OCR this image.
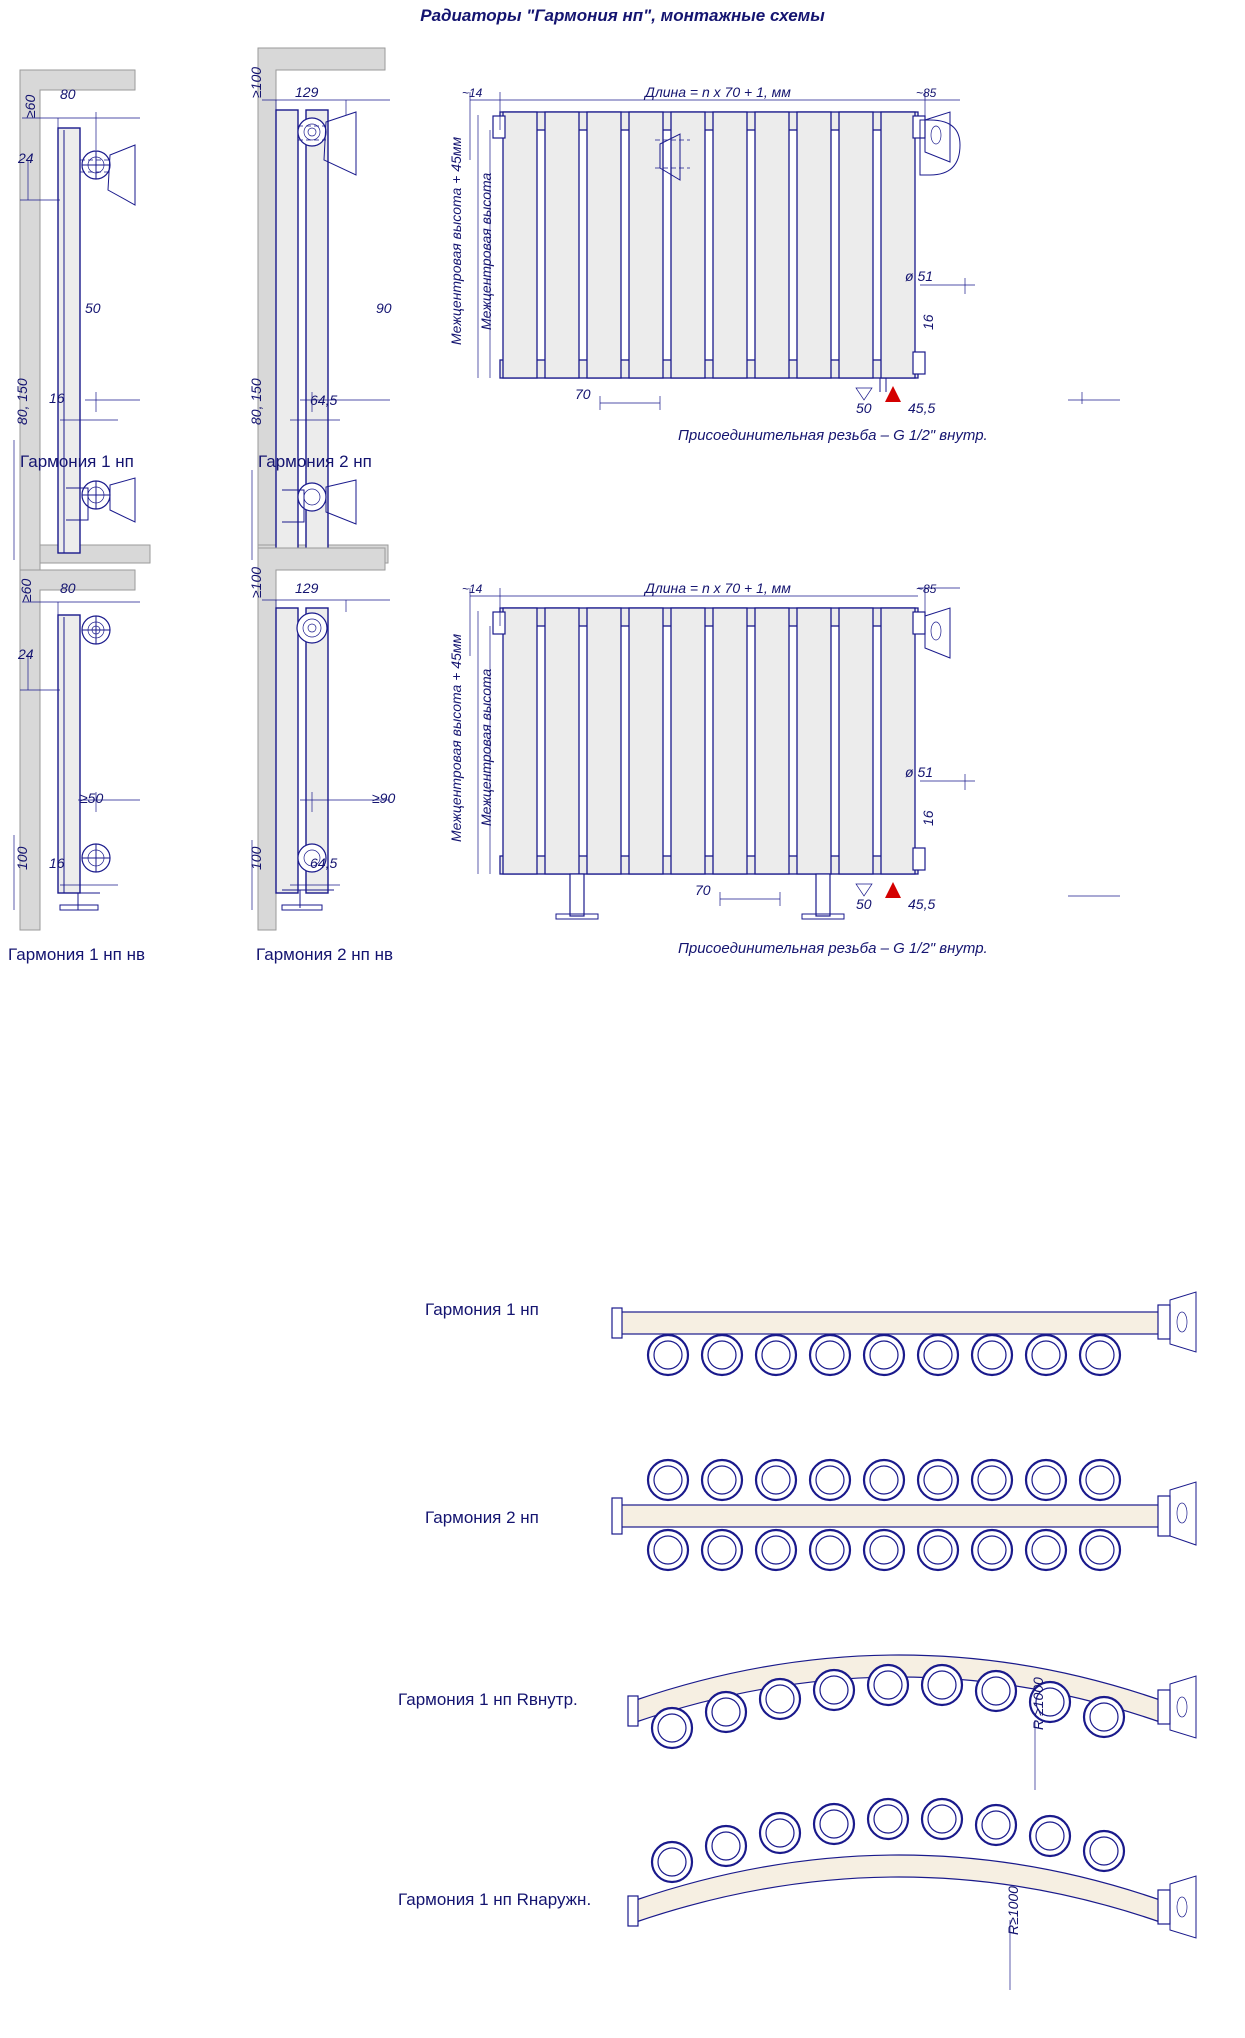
Радиаторы "Гармония нп", монтажные схемы
≥60
80
24
50
80, 150 16
Гармония 1 нп
≥100 129
90
80, 150	64,5
Гармония 2 нп
~14	Длина = n x 70 + 1, мм	~85
ø 51
16
70
50	45,5
Межцентровая высота + 45мм Межцентровая высота
Присоединительная резьба – G 1/2" внутр.
≥60 80
24
≥50
100 16
Гармония 1 нп нв
≥100 129
≥90
100	64,5
Гармония 2 нп нв
~14	Длина = n x 70 + 1, мм	~85
ø 51
16
70
50	45,5
Межцентровая высота + 45мм Межцентровая высота
Присоединительная резьба – G 1/2" внутр.
Гармония 1 нп
Гармония 2 нп
Гармония 1 нп Rвнутр.	R ≥1000
Гармония 1 нп Rнаружн.	R≥1000
